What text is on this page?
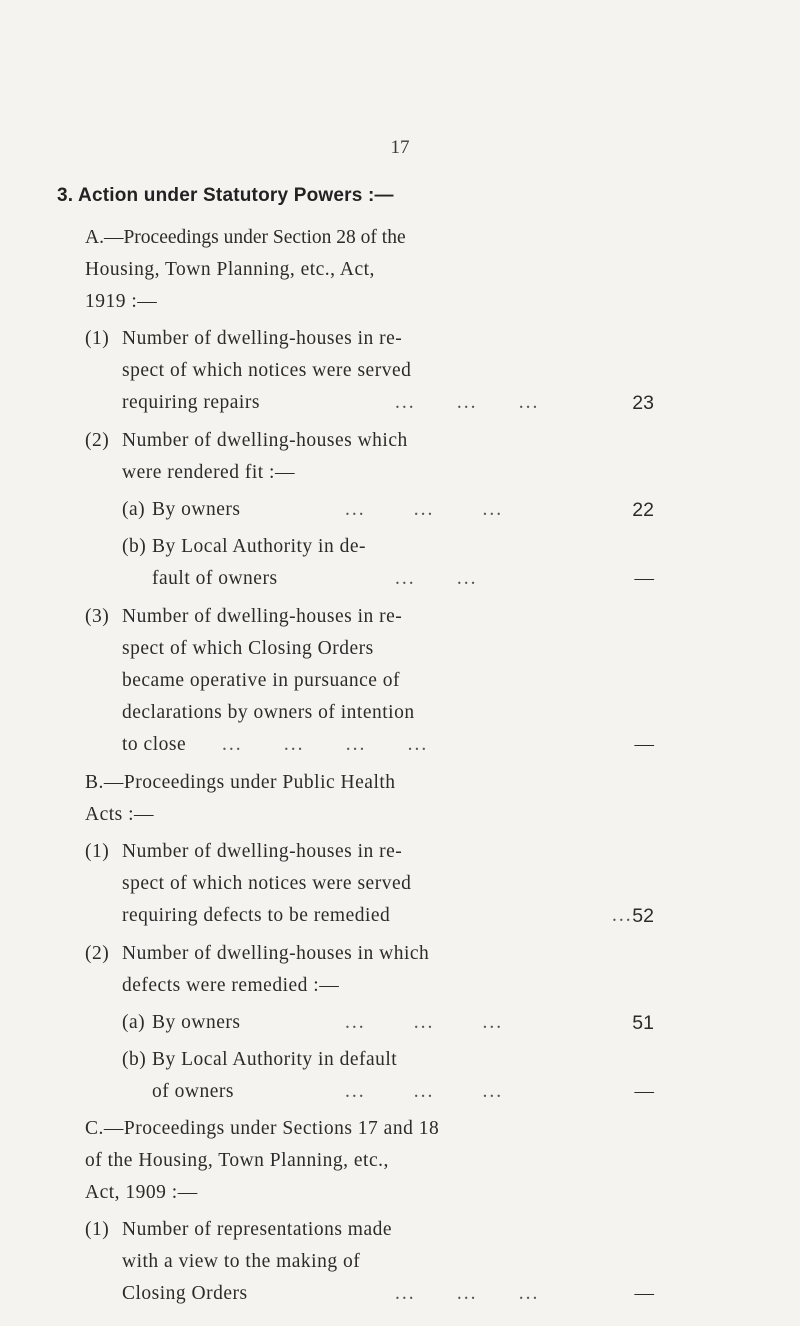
17
3. Action under Statutory Powers :—
A.—Proceedings under Section 28 of the
Housing, Town Planning, etc., Act,
1919 :—
(1) Number of dwelling-houses in re-
spect of which notices were served
requiring repairs	...      ...      ...	23
(2) Number of dwelling-houses which
were rendered fit :—
(a) By owners	...       ...       ...	22
(b) By Local Authority in de-
fault of owners	...      ...	—
(3) Number of dwelling-houses in re-
spect of which Closing Orders
became operative in pursuance of
declarations by owners of intention
to close ...      ...      ...      ...	—
B.—Proceedings under Public Health
Acts :—
(1) Number of dwelling-houses in re-
spect of which notices were served
requiring defects to be remedied	... 52
(2) Number of dwelling-houses in which
defects were remedied :—
(a) By owners	...       ...       ...	51
(b) By Local Authority in default
of owners	...       ...       ...	—
C.—Proceedings under Sections 17 and 18
of the Housing, Town Planning, etc.,
Act, 1909 :—
(1) Number of representations made
with a view to the making of
Closing Orders	...      ...      ...	—
